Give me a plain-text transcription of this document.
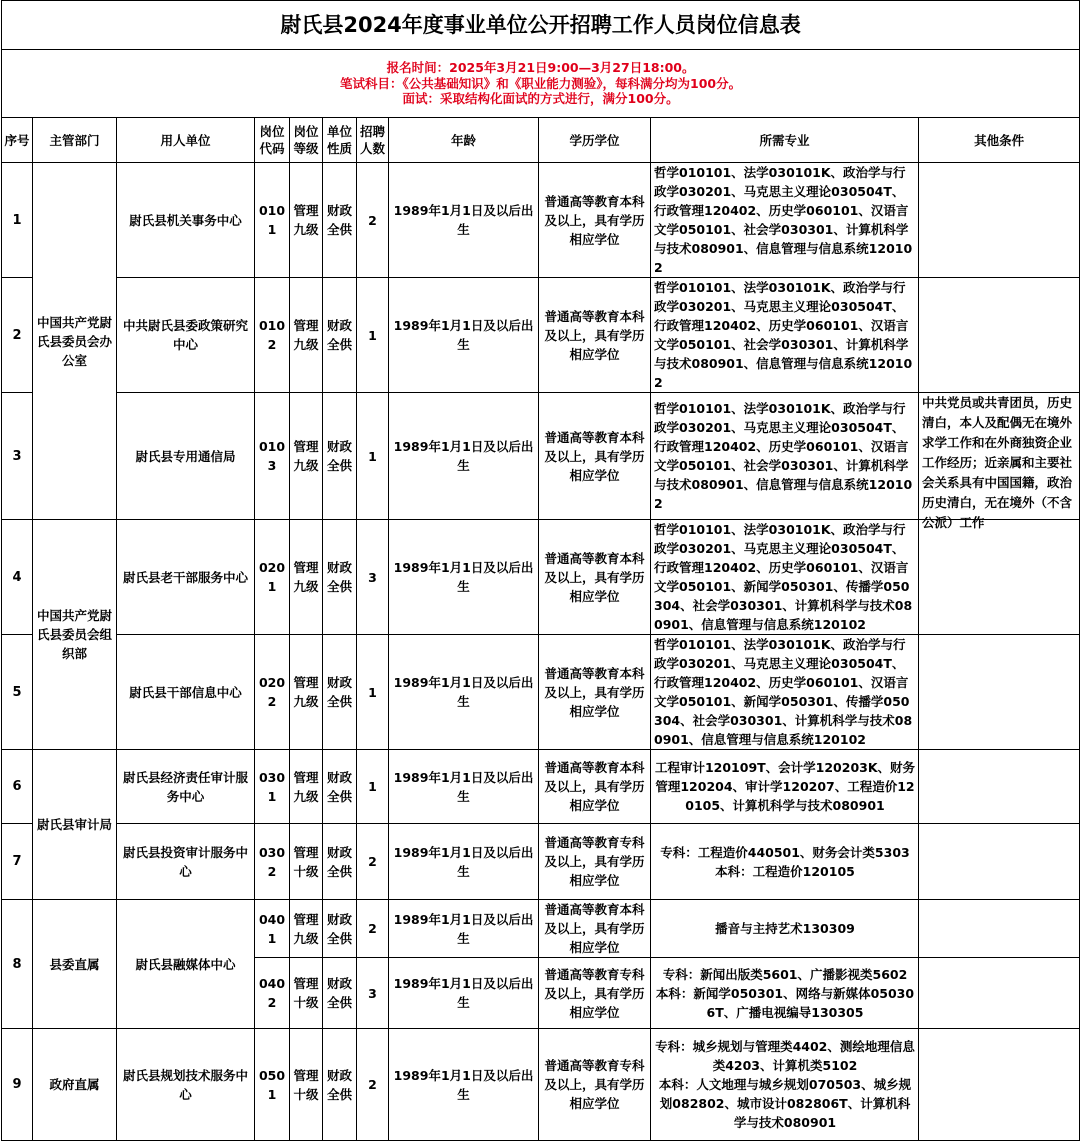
尉氏县2024年度事业单位公开招聘工作人员岗位信息表										

报名时间：2025年3月21日9:00—3月27日18:00。
笔试科目：《公共基础知识》和《职业能力测验》，每科满分均为100分。
面试：采取结构化面试的方式进行，满分100分。										

序号	主管部门	用人单位	岗位代码	岗位等级	单位性质	招聘人数	年龄	学历学位	所需专业	其他条件
1	中国共产党尉氏县委员会办公室	尉氏县机关事务中心	0101	管理九级	财政全供	2	1989年1月1日及以后出生	普通高等教育本科及以上，具有学历相应学位	哲学010101、法学030101K、政治学与行政学030201、马克思主义理论030504T、行政管理120402、历史学060101、汉语言文学050101、社会学030301、计算机科学与技术080901、信息管理与信息系统120102	
2		中共尉氏县委政策研究中心	0102	管理九级	财政全供	1	1989年1月1日及以后出生	普通高等教育本科及以上，具有学历相应学位	哲学010101、法学030101K、政治学与行政学030201、马克思主义理论030504T、行政管理120402、历史学060101、汉语言文学050101、社会学030301、计算机科学与技术080901、信息管理与信息系统120102	
3		尉氏县专用通信局	0103	管理九级	财政全供	1	1989年1月1日及以后出生	普通高等教育本科及以上，具有学历相应学位	哲学010101、法学030101K、政治学与行政学030201、马克思主义理论030504T、行政管理120402、历史学060101、汉语言文学050101、社会学030301、计算机科学与技术080901、信息管理与信息系统120102	中共党员或共青团员，历史清白，本人及配偶无在境外求学工作和在外商独资企业工作经历；近亲属和主要社会关系具有中国国籍，政治历史清白，无在境外（不含公派）工作

4	中国共产党尉氏县委员会组织部	尉氏县老干部服务中心	0201	管理九级	财政全供	3	1989年1月1日及以后出生	普通高等教育本科及以上，具有学历相应学位	哲学010101、法学030101K、政治学与行政学030201、马克思主义理论030504T、行政管理120402、历史学060101、汉语言文学050101、新闻学050301、传播学050304、社会学030301、计算机科学与技术080901、信息管理与信息系统120102	
5		尉氏县干部信息中心	0202	管理九级	财政全供	1	1989年1月1日及以后出生	普通高等教育本科及以上，具有学历相应学位	哲学010101、法学030101K、政治学与行政学030201、马克思主义理论030504T、行政管理120402、历史学060101、汉语言文学050101、新闻学050301、传播学050304、社会学030301、计算机科学与技术080901、信息管理与信息系统120102	
6	尉氏县审计局	尉氏县经济责任审计服务中心	0301	管理九级	财政全供	1	1989年1月1日及以后出生	普通高等教育本科及以上，具有学历相应学位	工程审计120109T、会计学120203K、财务管理120204、审计学120207、工程造价120105、计算机科学与技术080901	
7		尉氏县投资审计服务中心	0302	管理十级	财政全供	2	1989年1月1日及以后出生	普通高等教育专科及以上，具有学历相应学位	专科：工程造价440501、财务会计类5303
本科：工程造价120105	
8	县委直属	尉氏县融媒体中心	0401	管理九级	财政全供	2	1989年1月1日及以后出生	普通高等教育本科及以上，具有学历相应学位	播音与主持艺术130309	
			0402	管理十级	财政全供	3	1989年1月1日及以后出生	普通高等教育专科及以上，具有学历相应学位	专科：新闻出版类5601、广播影视类5602
本科：新闻学050301、网络与新媒体050306T、广播电视编导130305	
9	政府直属	尉氏县规划技术服务中心	0501	管理十级	财政全供	2	1989年1月1日及以后出生	普通高等教育专科及以上，具有学历相应学位	专科：城乡规划与管理类4402、测绘地理信息类4203、计算机类5102
本科：人文地理与城乡规划070503、城乡规划082802、城市设计082806T、计算机科学与技术080901	
